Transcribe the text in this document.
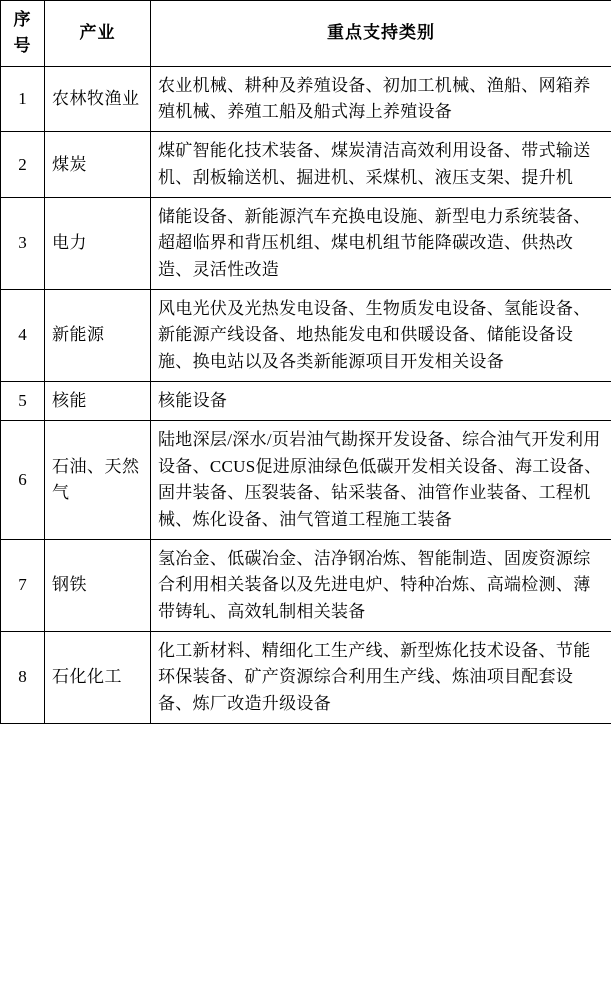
序
号	产业	重点支持类别
1	农林牧渔业	农业机械、耕种及养殖设备、初加工机械、渔船、网箱养殖机械、养殖工船及船式海上养殖设备
2	煤炭	煤矿智能化技术装备、煤炭清洁高效利用设备、带式输送机、刮板输送机、掘进机、采煤机、液压支架、提升机
3	电力	储能设备、新能源汽车充换电设施、新型电力系统装备、超超临界和背压机组、煤电机组节能降碳改造、供热改造、灵活性改造
4	新能源	风电光伏及光热发电设备、生物质发电设备、氢能设备、新能源产线设备、地热能发电和供暖设备、储能设备设施、换电站以及各类新能源项目开发相关设备
5	核能	核能设备
6	石油、天然气	陆地深层/深水/页岩油气勘探开发设备、综合油气开发利用设备、CCUS促进原油绿色低碳开发相关设备、海工设备、固井装备、压裂装备、钻采装备、油管作业装备、工程机械、炼化设备、油气管道工程施工装备
7	钢铁	氢冶金、低碳冶金、洁净钢冶炼、智能制造、固废资源综合利用相关装备以及先进电炉、特种冶炼、高端检测、薄带铸轧、高效轧制相关装备
8	石化化工	化工新材料、精细化工生产线、新型炼化技术设备、节能环保装备、矿产资源综合利用生产线、炼油项目配套设备、炼厂改造升级设备
